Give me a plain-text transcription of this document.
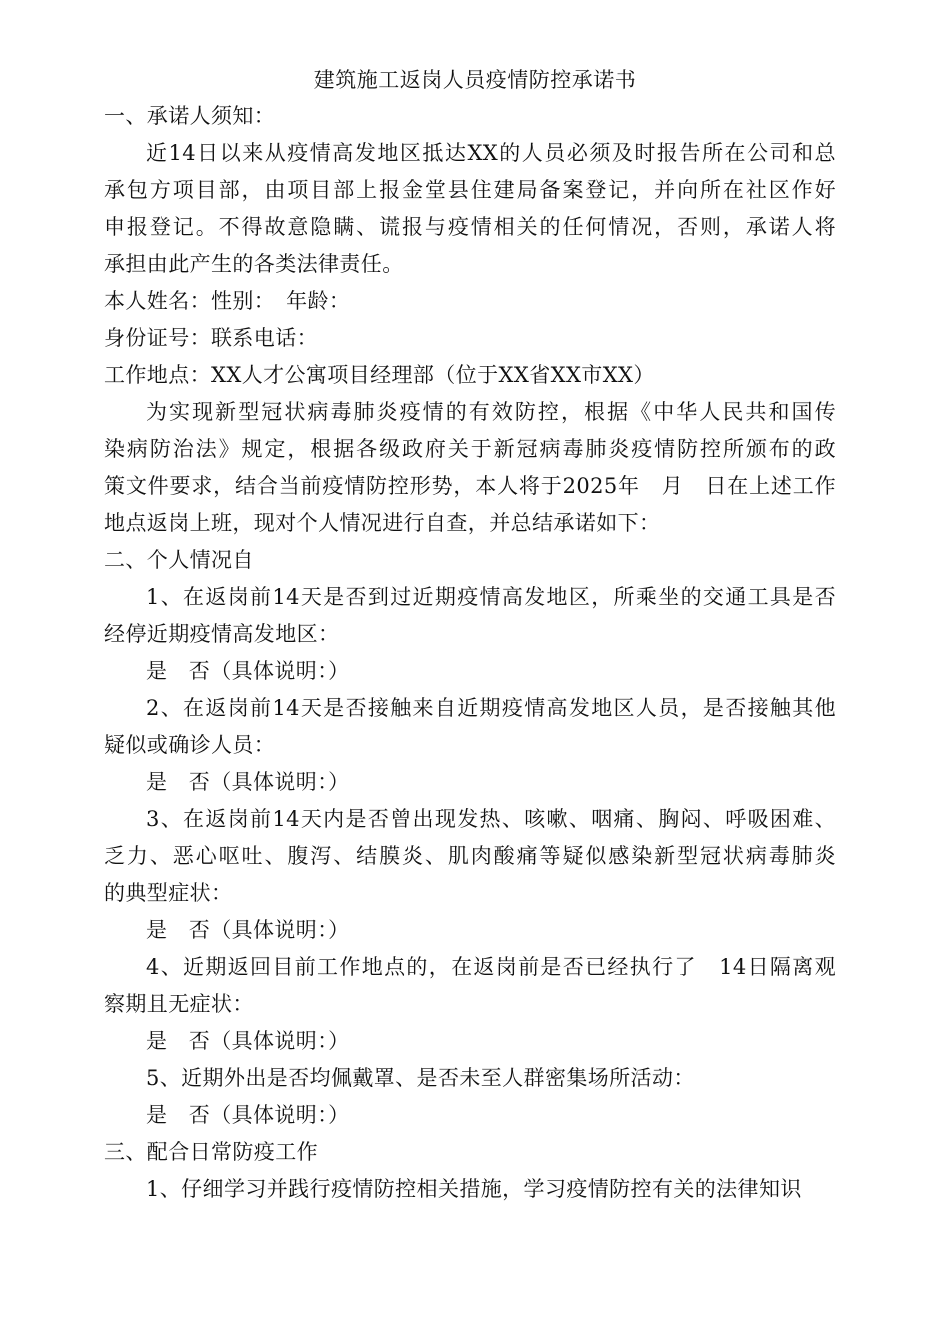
建筑施工返岗人员疫情防控承诺书
一、承诺人须知：
近14日以来从疫情高发地区抵达XX的人员必须及时报告所在公司和总
承包方项目部，由项目部上报金堂县住建局备案登记，并向所在社区作好
申报登记。不得故意隐瞒、谎报与疫情相关的任何情况，否则，承诺人将
承担由此产生的各类法律责任。
本人姓名：性别：　年龄：
身份证号：联系电话：
工作地点：XX人才公寓项目经理部（位于XX省XX市XX）
为实现新型冠状病毒肺炎疫情的有效防控，根据《中华人民共和国传
染病防治法》规定，根据各级政府关于新冠病毒肺炎疫情防控所颁布的政
策文件要求，结合当前疫情防控形势，本人将于2025年　月　日在上述工作
地点返岗上班，现对个人情况进行自查，并总结承诺如下：
二、个人情况自
1、在返岗前14天是否到过近期疫情高发地区，所乘坐的交通工具是否
经停近期疫情高发地区：
是　否（具体说明：）
2、在返岗前14天是否接触来自近期疫情高发地区人员，是否接触其他
疑似或确诊人员：
是　否（具体说明：）
3、在返岗前14天内是否曾出现发热、咳嗽、咽痛、胸闷、呼吸困难、
乏力、恶心呕吐、腹泻、结膜炎、肌肉酸痛等疑似感染新型冠状病毒肺炎
的典型症状：
是　否（具体说明：）
4、近期返回目前工作地点的，在返岗前是否已经执行了　14日隔离观
察期且无症状：
是　否（具体说明：）
5、近期外出是否均佩戴罩、是否未至人群密集场所活动：
是　否（具体说明：）
三、配合日常防疫工作
1、仔细学习并践行疫情防控相关措施，学习疫情防控有关的法律知识
